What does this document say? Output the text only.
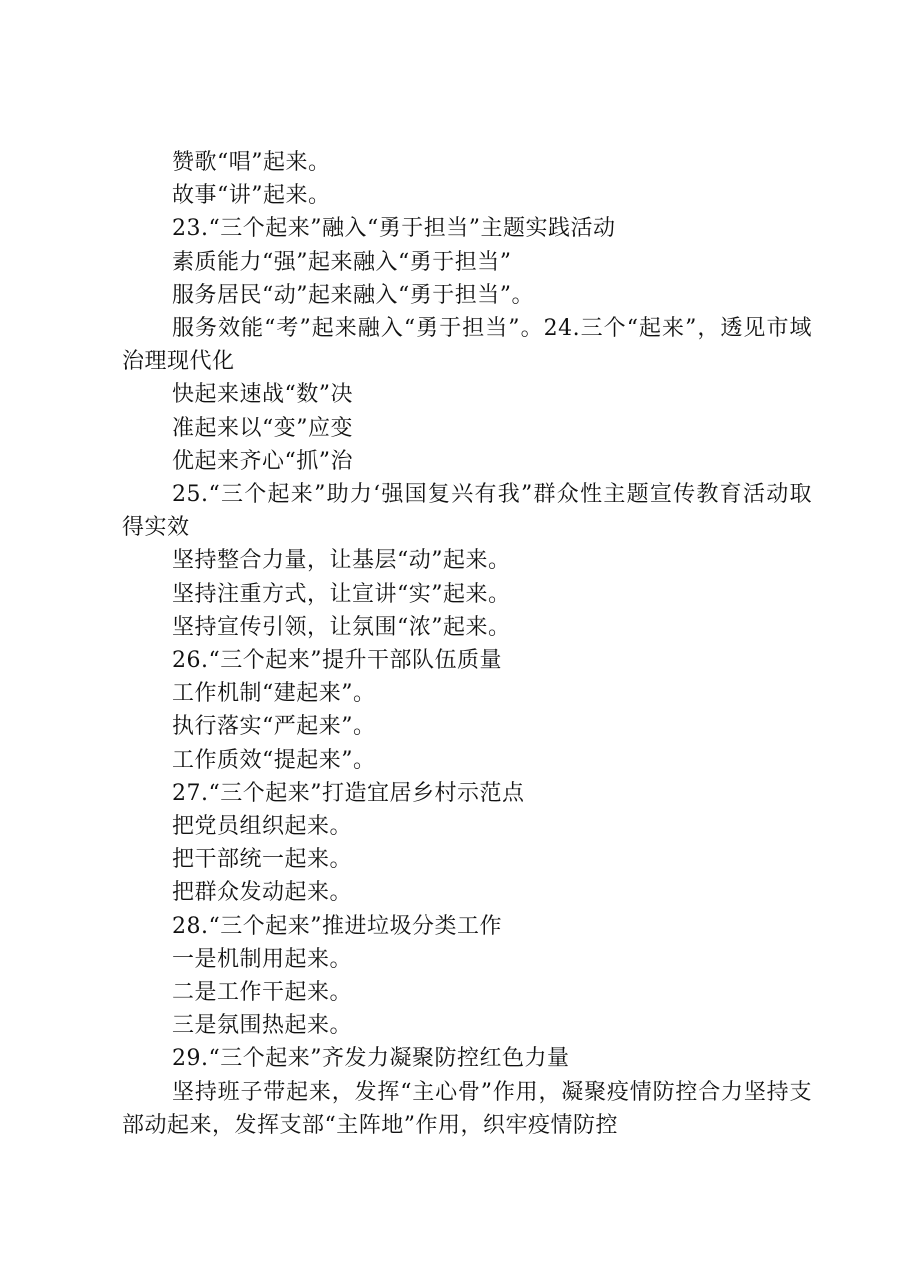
赞歌“唱”起来。

故事“讲”起来。

23.“三个起来”融入“勇于担当”主题实践活动

素质能力“强”起来融入“勇于担当”

服务居民“动”起来融入“勇于担当”。

服务效能“考”起来融入“勇于担当”。24.三个“起来”，透见市域治理现代化

快起来速战“数”决

准起来以“变”应变

优起来齐心“抓”治

25.“三个起来”助力‘强国复兴有我”群众性主题宣传教育活动取得实效

坚持整合力量，让基层“动”起来。

坚持注重方式，让宣讲“实”起来。

坚持宣传引领，让氛围“浓”起来。

26.“三个起来”提升干部队伍质量

工作机制“建起来”。

执行落实“严起来”。

工作质效“提起来”。

27.“三个起来”打造宜居乡村示范点

把党员组织起来。

把干部统一起来。

把群众发动起来。

28.“三个起来”推进垃圾分类工作

一是机制用起来。

二是工作干起来。

三是氛围热起来。

29.“三个起来”齐发力凝聚防控红色力量

坚持班子带起来，发挥“主心骨”作用，凝聚疫情防控合力坚持支部动起来，发挥支部“主阵地”作用，织牢疫情防控
